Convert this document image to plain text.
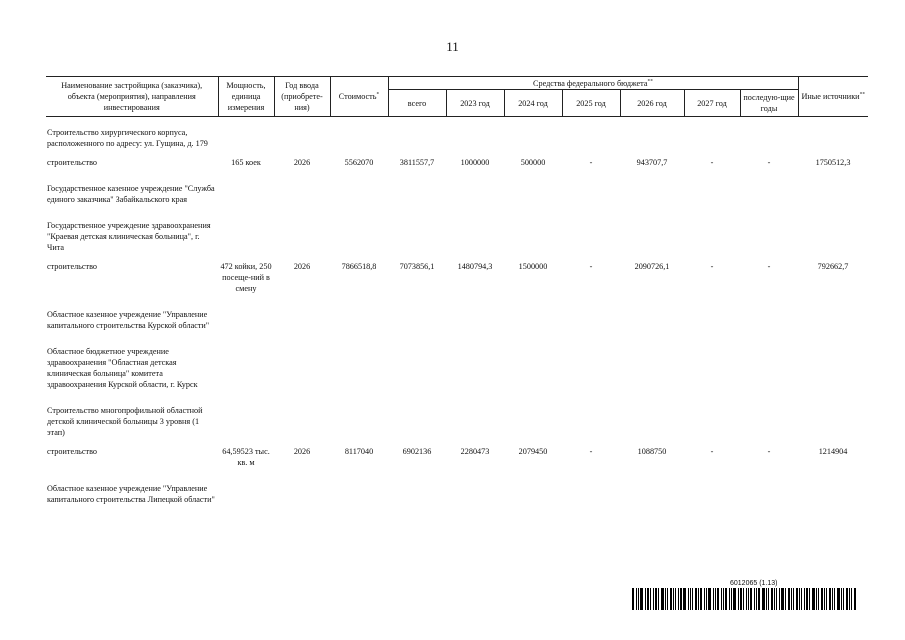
11
Наименование застройщика (заказчика), объекта (мероприятия), направления инвестирования	Мощность, единица измерения	Год ввода (приобрете-ния)	Стоимость*	Средства федерального бюджета**							Иные источники**
				всего	2023 год	2024 год	2025 год	2026 год	2027 год	последую-щие годы	
Строительство хирургического корпуса, расположенного по адресу: ул. Гущина, д. 179											
строительство	165 коек	2026	5562070	3811557,7	1000000	500000	-	943707,7	-	-	1750512,3
Государственное казенное учреждение "Служба единого заказчика" Забайкальского края											
Государственное учреждение здравоохранения "Краевая детская клиническая больница", г. Чита											
строительство	472 койки, 250 посеще-ний в смену	2026	7866518,8	7073856,1	1480794,3	1500000	-	2090726,1	-	-	792662,7
Областное казенное учреждение "Управление капитального строительства Курской области"											
Областное бюджетное учреждение здравоохранения "Областная детская клиническая больница" комитета здравоохранения Курской области, г. Курск											
Строительство многопрофильной областной детской клинической больницы 3 уровня (1 этап)											
строительство	64,59523 тыс. кв. м	2026	8117040	6902136	2280473	2079450	-	1088750	-	-	1214904
Областное казенное учреждение "Управление капитального строительства Липецкой области"											
6012065 (1.13)
